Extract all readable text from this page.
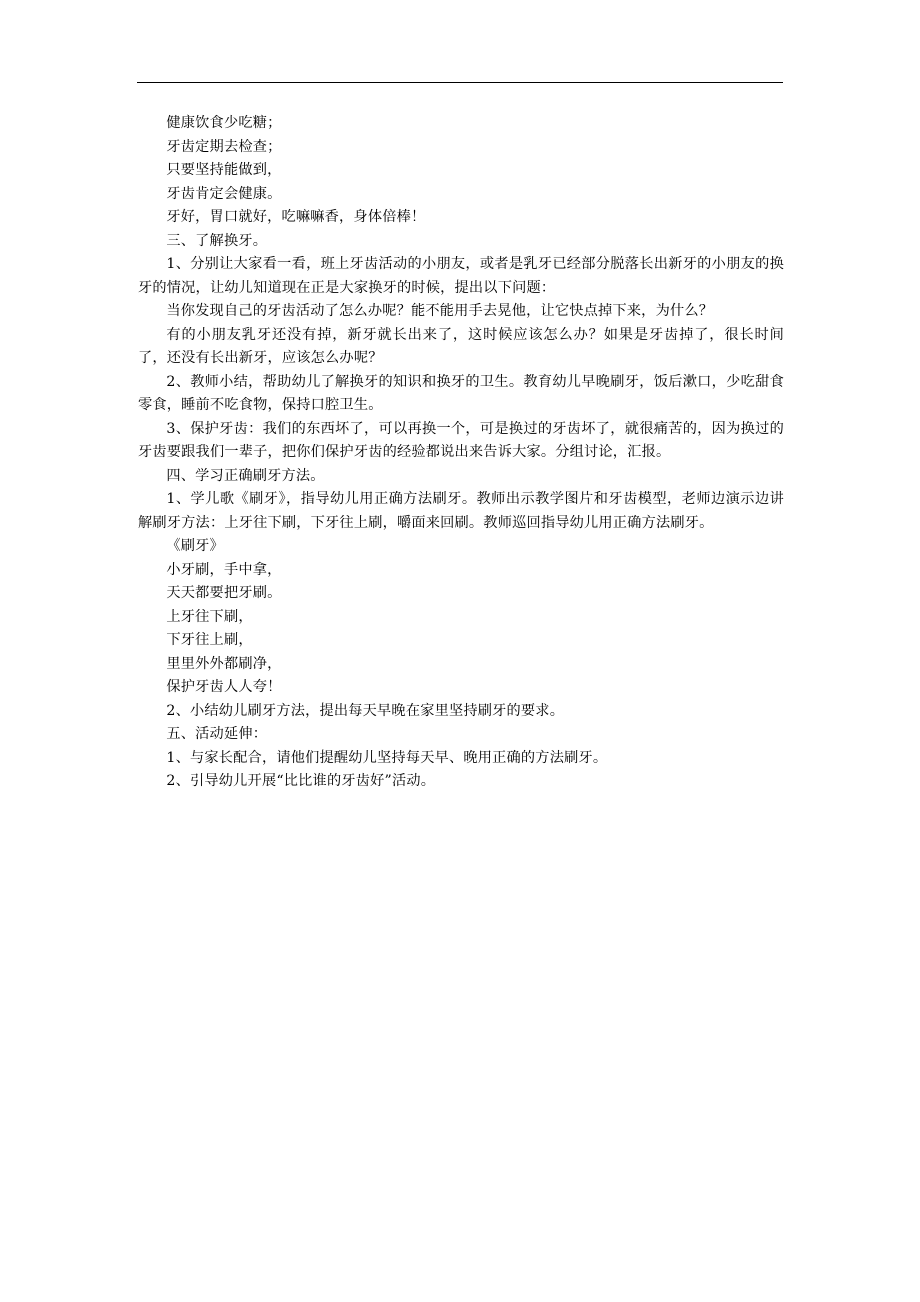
健康饮食少吃糖；

牙齿定期去检查；

只要坚持能做到，

牙齿肯定会健康。

牙好，胃口就好，吃嘛嘛香，身体倍棒！

三、了解换牙。

1、分别让大家看一看，班上牙齿活动的小朋友，或者是乳牙已经部分脱落长出新牙的小朋友的换牙的情况，让幼儿知道现在正是大家换牙的时候，提出以下问题：

当你发现自己的牙齿活动了怎么办呢？能不能用手去晃他，让它快点掉下来，为什么？

有的小朋友乳牙还没有掉，新牙就长出来了，这时候应该怎么办？如果是牙齿掉了，很长时间了，还没有长出新牙，应该怎么办呢？

2、教师小结，帮助幼儿了解换牙的知识和换牙的卫生。教育幼儿早晚刷牙，饭后漱口，少吃甜食零食，睡前不吃食物，保持口腔卫生。

3、保护牙齿：我们的东西坏了，可以再换一个，可是换过的牙齿坏了，就很痛苦的，因为换过的牙齿要跟我们一辈子，把你们保护牙齿的经验都说出来告诉大家。分组讨论，汇报。

四、学习正确刷牙方法。

1、学儿歌《刷牙》，指导幼儿用正确方法刷牙。教师出示教学图片和牙齿模型，老师边演示边讲解刷牙方法：上牙往下刷，下牙往上刷，嚼面来回刷。教师巡回指导幼儿用正确方法刷牙。

《刷牙》

小牙刷，手中拿，

天天都要把牙刷。

上牙往下刷，

下牙往上刷，

里里外外都刷净，

保护牙齿人人夸！

2、小结幼儿刷牙方法，提出每天早晚在家里坚持刷牙的要求。

五、活动延伸：

1、与家长配合，请他们提醒幼儿坚持每天早、晚用正确的方法刷牙。

2、引导幼儿开展“比比谁的牙齿好”活动。
